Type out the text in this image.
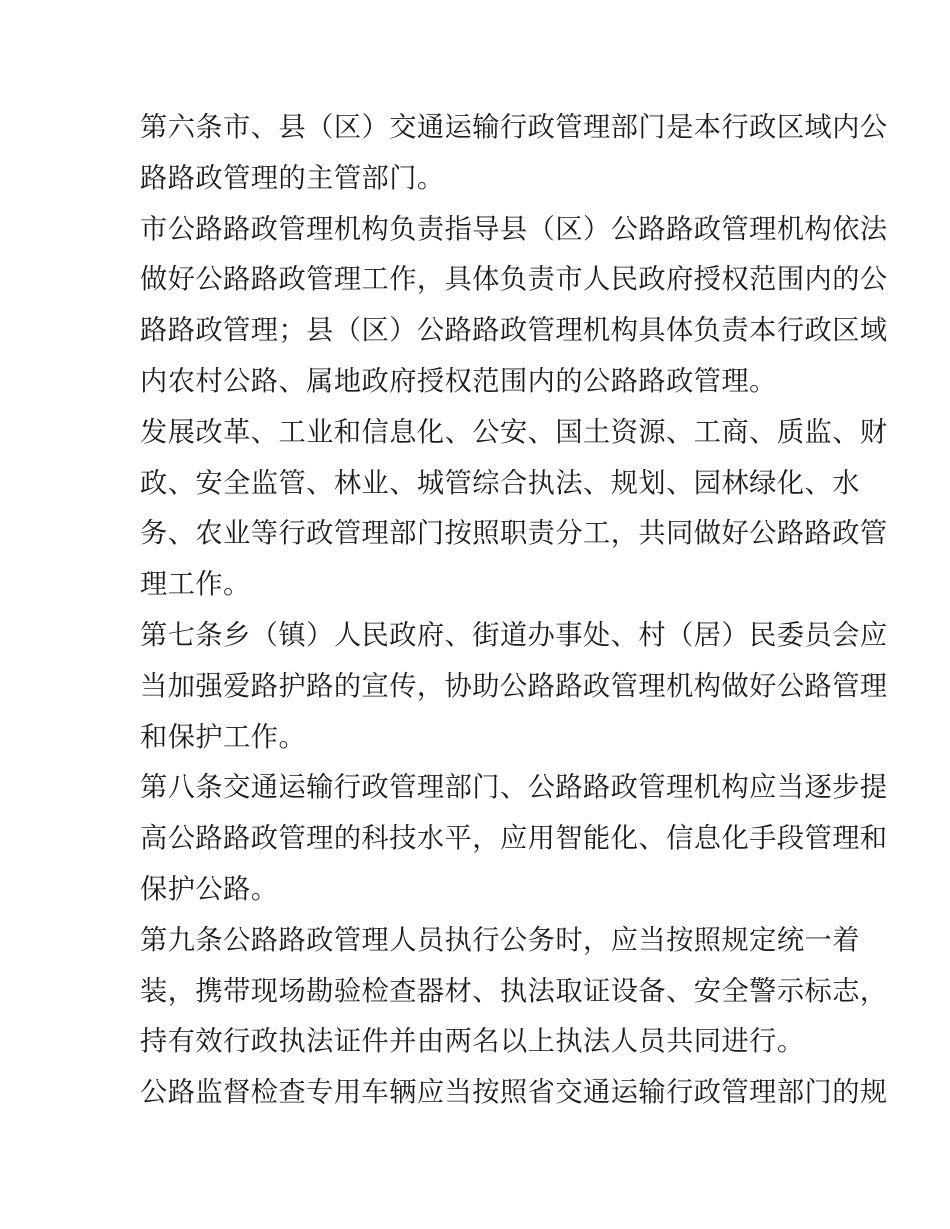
第六条市、县（区）交通运输行政管理部门是本行政区域内公
路路政管理的主管部门。
市公路路政管理机构负责指导县（区）公路路政管理机构依法
做好公路路政管理工作，具体负责市人民政府授权范围内的公
路路政管理；县（区）公路路政管理机构具体负责本行政区域
内农村公路、属地政府授权范围内的公路路政管理。
发展改革、工业和信息化、公安、国土资源、工商、质监、财
政、安全监管、林业、城管综合执法、规划、园林绿化、水
务、农业等行政管理部门按照职责分工，共同做好公路路政管
理工作。
第七条乡（镇）人民政府、街道办事处、村（居）民委员会应
当加强爱路护路的宣传，协助公路路政管理机构做好公路管理
和保护工作。
第八条交通运输行政管理部门、公路路政管理机构应当逐步提
高公路路政管理的科技水平，应用智能化、信息化手段管理和
保护公路。
第九条公路路政管理人员执行公务时，应当按照规定统一着
装，携带现场勘验检查器材、执法取证设备、安全警示标志，
持有效行政执法证件并由两名以上执法人员共同进行。
公路监督检查专用车辆应当按照省交通运输行政管理部门的规
